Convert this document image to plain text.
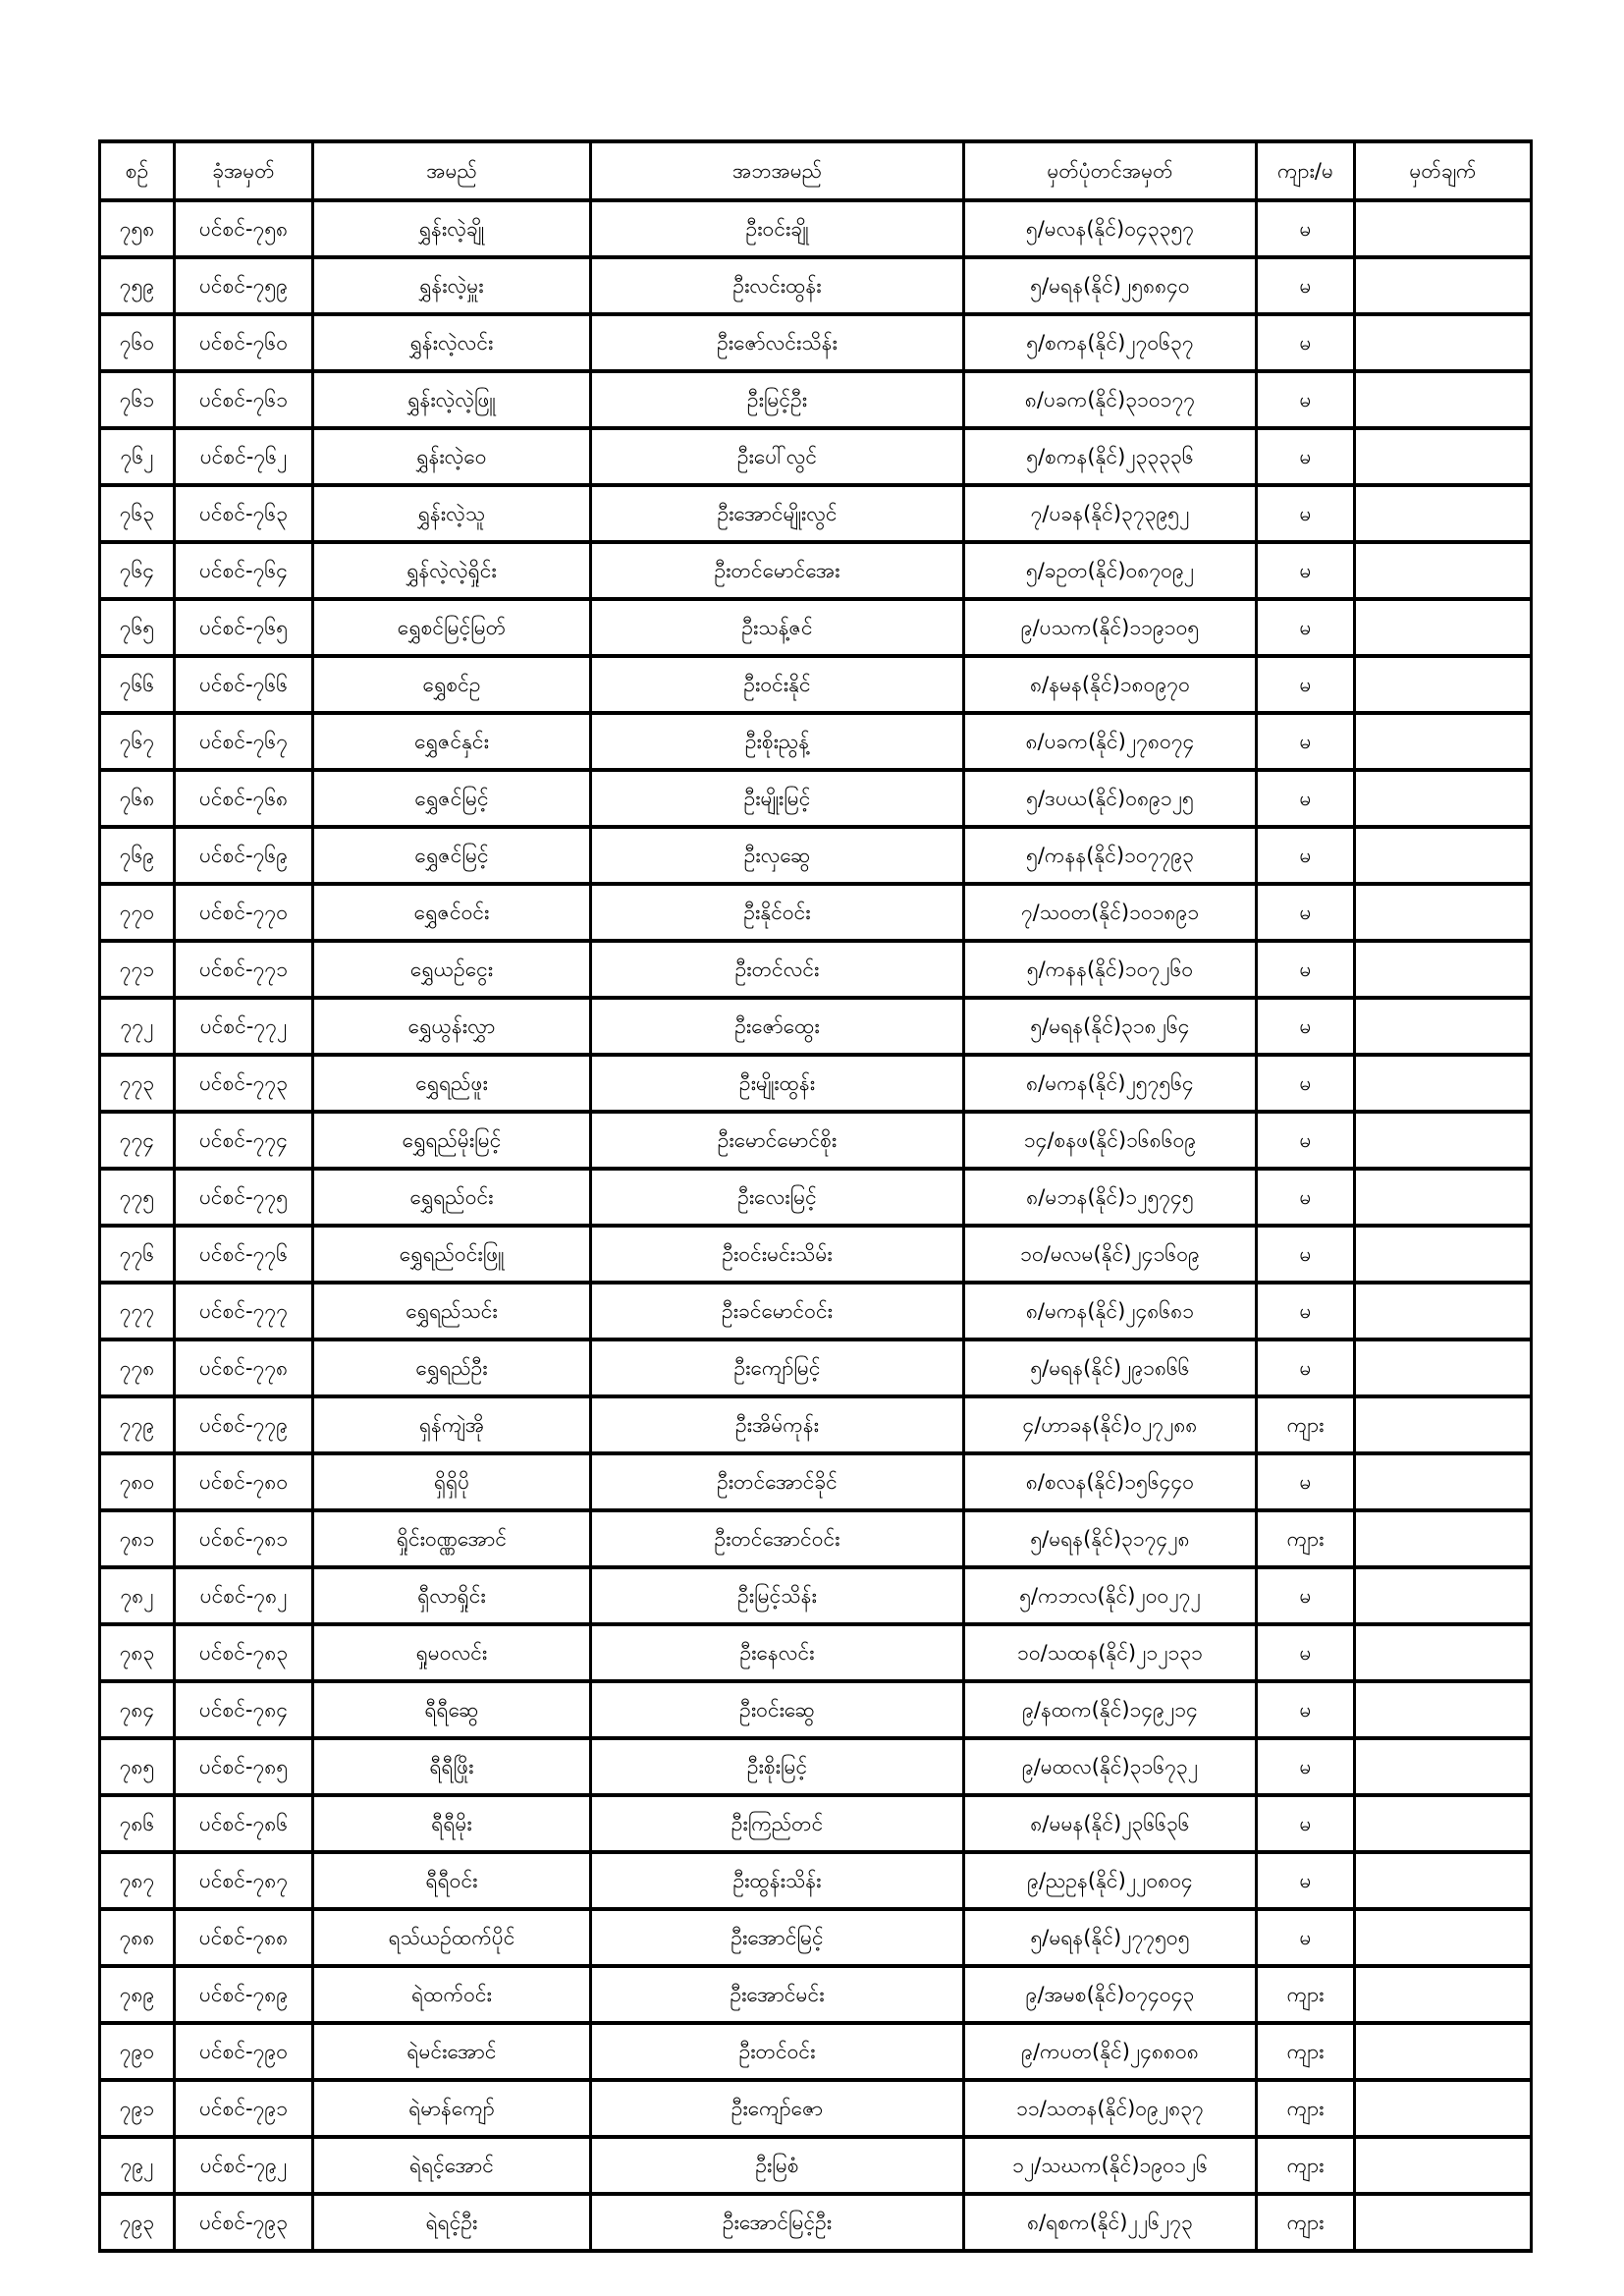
စဉ်	ခုံအမှတ်	အမည်	အဘအမည်	မှတ်ပုံတင်အမှတ်	ကျား/မ	မှတ်ချက်
၇၅၈	ပင်စင်-၇၅၈	ရွှန်းလဲ့ချို	ဦးဝင်းချို	၅/မလန(နိုင်)၀၄၃၃၅၇	မ	
၇၅၉	ပင်စင်-၇၅၉	ရွှန်းလဲ့မှူး	ဦးလင်းထွန်း	၅/မရန(နိုင်)၂၅၈၈၄၀	မ	
၇၆၀	ပင်စင်-၇၆၀	ရွှန်းလဲ့လင်း	ဦးဇော်လင်းသိန်း	၅/စကန(နိုင်)၂၇၀၆၃၇	မ	
၇၆၁	ပင်စင်-၇၆၁	ရွှန်းလဲ့လဲ့ဖြူ	ဦးမြင့်ဦး	၈/ပခက(နိုင်)၃၁၀၁၇၇	မ	
၇၆၂	ပင်စင်-၇၆၂	ရွှန်းလဲ့ဝေ	ဦးပေါ်လွင်	၅/စကန(နိုင်)၂၃၃၃၃၆	မ	
၇၆၃	ပင်စင်-၇၆၃	ရွှန်းလဲ့သူ	ဦးအောင်မျိုးလွင်	၇/ပခန(နိုင်)၃၇၃၉၅၂	မ	
၇၆၄	ပင်စင်-၇၆၄	ရွှန်လဲ့လဲ့ရှိုင်း	ဦးတင်မောင်အေး	၅/ခဥတ(နိုင်)၀၈၇၀၉၂	မ	
၇၆၅	ပင်စင်-၇၆၅	ရွှေစင်မြင့်မြတ်	ဦးသန့်ဇင်	၉/ပသက(နိုင်)၁၁၉၁၀၅	မ	
၇၆၆	ပင်စင်-၇၆၆	ရွှေစင်ဥ	ဦးဝင်းနိုင်	၈/နမန(နိုင်)၁၈၀၉၇၀	မ	
၇၆၇	ပင်စင်-၇၆၇	ရွှေဇင်နှင်း	ဦးစိုးညွန့်	၈/ပခက(နိုင်)၂၇၈၀၇၄	မ	
၇၆၈	ပင်စင်-၇၆၈	ရွှေဇင်မြင့်	ဦးမျိုးမြင့်	၅/ဒပယ(နိုင်)၀၈၉၁၂၅	မ	
၇၆၉	ပင်စင်-၇၆၉	ရွှေဇင်မြင့်	ဦးလှဆွေ	၅/ကနန(နိုင်)၁၀၇၇၉၃	မ	
၇၇၀	ပင်စင်-၇၇၀	ရွှေဇင်ဝင်း	ဦးနိုင်ဝင်း	၇/သဝတ(နိုင်)၁၀၁၈၉၁	မ	
၇၇၁	ပင်စင်-၇၇၁	ရွှေယဉ်ငွေး	ဦးတင်လင်း	၅/ကနန(နိုင်)၁၀၇၂၆၀	မ	
၇၇၂	ပင်စင်-၇၇၂	ရွှေယွန်းလွှာ	ဦးဇော်ထွေး	၅/မရန(နိုင်)၃၁၈၂၆၄	မ	
၇၇၃	ပင်စင်-၇၇၃	ရွှေရည်ဖူး	ဦးမျိုးထွန်း	၈/မကန(နိုင်)၂၅၇၅၆၄	မ	
၇၇၄	ပင်စင်-၇၇၄	ရွှေရည်မိုးမြင့်	ဦးမောင်မောင်စိုး	၁၄/စနဖ(နိုင်)၁၆၈၆၀၉	မ	
၇၇၅	ပင်စင်-၇၇၅	ရွှေရည်ဝင်း	ဦးလေးမြင့်	၈/မဘန(နိုင်)၁၂၅၇၄၅	မ	
၇၇၆	ပင်စင်-၇၇၆	ရွှေရည်ဝင်းဖြူ	ဦးဝင်းမင်းသိမ်း	၁၀/မလမ(နိုင်)၂၄၁၆၀၉	မ	
၇၇၇	ပင်စင်-၇၇၇	ရွှေရည်သင်း	ဦးခင်မောင်ဝင်း	၈/မကန(နိုင်)၂၄၈၆၈၁	မ	
၇၇၈	ပင်စင်-၇၇၈	ရွှေရည်ဦး	ဦးကျော်မြင့်	၅/မရန(နိုင်)၂၉၁၈၆၆	မ	
၇၇၉	ပင်စင်-၇၇၉	ရှန်ကျဲအို	ဦးအိမ်ကုန်း	၄/ဟာခန(နိုင်)၀၂၇၂၈၈	ကျား	
၇၈၀	ပင်စင်-၇၈၀	ရှိရှိပို	ဦးတင်အောင်ခိုင်	၈/စလန(နိုင်)၁၅၆၄၄၀	မ	
၇၈၁	ပင်စင်-၇၈၁	ရှိုင်းဝဏ္ဏအောင်	ဦးတင်အောင်ဝင်း	၅/မရန(နိုင်)၃၁၇၄၂၈	ကျား	
၇၈၂	ပင်စင်-၇၈၂	ရှီလာရှိုင်း	ဦးမြင့်သိန်း	၅/ကဘလ(နိုင်)၂၀၀၂၇၂	မ	
၇၈၃	ပင်စင်-၇၈၃	ရှုမဝလင်း	ဦးနေလင်း	၁၀/သထန(နိုင်)၂၁၂၁၃၁	မ	
၇၈၄	ပင်စင်-၇၈၄	ရီရီဆွေ	ဦးဝင်းဆွေ	၉/နထက(နိုင်)၁၄၉၂၁၄	မ	
၇၈၅	ပင်စင်-၇၈၅	ရီရီဖြိုး	ဦးစိုးမြင့်	၉/မထလ(နိုင်)၃၁၆၇၃၂	မ	
၇၈၆	ပင်စင်-၇၈၆	ရီရီမိုး	ဦးကြည်တင်	၈/မမန(နိုင်)၂၃၆၆၃၆	မ	
၇၈၇	ပင်စင်-၇၈၇	ရီရီဝင်း	ဦးထွန်းသိန်း	၉/ညဥန(နိုင်)၂၂၀၈၀၄	မ	
၇၈၈	ပင်စင်-၇၈၈	ရသ်ယဉ်ထက်ပိုင်	ဦးအောင်မြင့်	၅/မရန(နိုင်)၂၇၇၅၀၅	မ	
၇၈၉	ပင်စင်-၇၈၉	ရဲထက်ဝင်း	ဦးအောင်မင်း	၉/အမစ(နိုင်)၀၇၄၀၄၃	ကျား	
၇၉၀	ပင်စင်-၇၉၀	ရဲမင်းအောင်	ဦးတင်ဝင်း	၉/ကပတ(နိုင်)၂၄၈၈၀၈	ကျား	
၇၉၁	ပင်စင်-၇၉၁	ရဲမာန်ကျော်	ဦးကျော်ဇော	၁၁/သတန(နိုင်)၀၉၂၈၃၇	ကျား	
၇၉၂	ပင်စင်-၇၉၂	ရဲရင့်အောင်	ဦးမြစံ	၁၂/သဃက(နိုင်)၁၉၀၁၂၆	ကျား	
၇၉၃	ပင်စင်-၇၉၃	ရဲရင့်ဦး	ဦးအောင်မြင့်ဦး	၈/ရစက(နိုင်)၂၂၆၂၇၃	ကျား	
